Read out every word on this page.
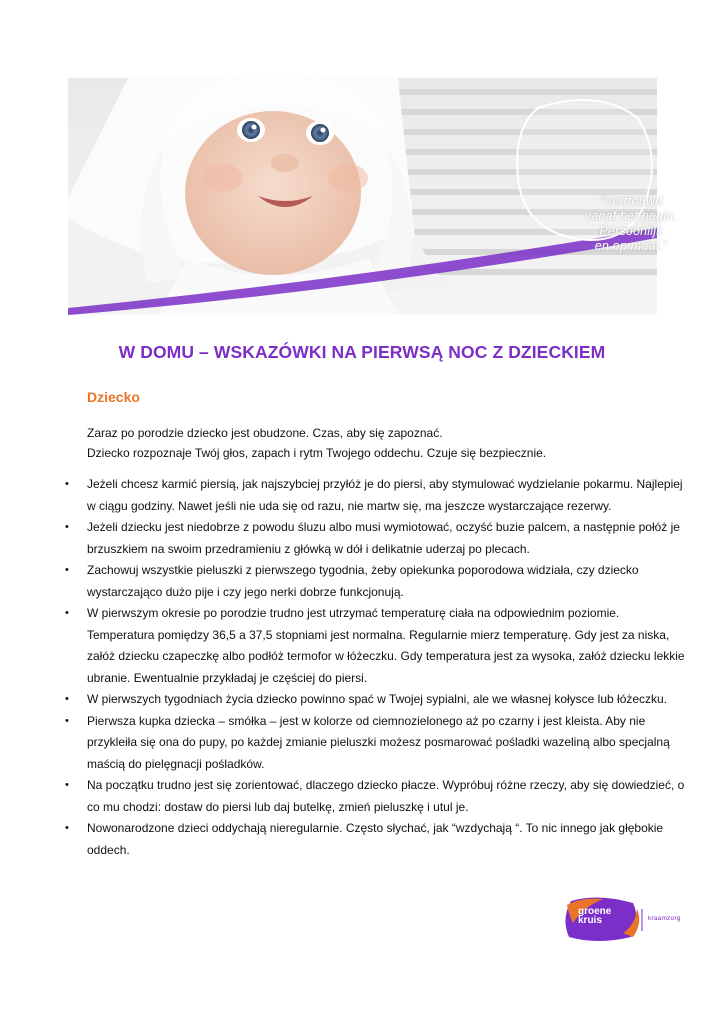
“Vertrouwd
vanaf het begin.
Persoonlijk
en op maat.”
W DOMU – WSKAZÓWKI NA PIERWSĄ NOC Z DZIECKIEM
Dziecko

Zaraz po porodzie dziecko jest obudzone. Czas, aby się zapoznać.

Dziecko rozpoznaje Twój głos, zapach i rytm Twojego oddechu. Czuje się bezpiecznie.

• Jeżeli chcesz karmić piersią, jak najszybciej przyłóż je do piersi, aby stymulować wydzielanie pokarmu. Najlepiej w ciągu godziny. Nawet jeśli nie uda się od razu, nie martw się, ma jeszcze wystarczające rezerwy.
• Jeżeli dziecku jest niedobrze z powodu śluzu albo musi wymiotować, oczyść buzie palcem, a następnie połóż je brzuszkiem na swoim przedramieniu z główką w dół i delikatnie uderzaj po plecach.
• Zachowuj wszystkie pieluszki z pierwszego tygodnia, żeby opiekunka poporodowa widziała, czy dziecko wystarczająco dużo pije i czy jego nerki dobrze funkcjonują.
• W pierwszym okresie po porodzie trudno jest utrzymać temperaturę ciała na odpowiednim poziomie. Temperatura pomiędzy 36,5 a 37,5 stopniami jest normalna. Regularnie mierz temperaturę. Gdy jest za niska, załóż dziecku czapeczkę albo podłóż termofor w łóżeczku. Gdy temperatura jest za wysoka, załóż dziecku lekkie ubranie. Ewentualnie przykładaj je częściej do piersi.
• W pierwszych tygodniach życia dziecko powinno spać w Twojej sypialni, ale we własnej kołysce lub łóżeczku.
• Pierwsza kupka dziecka – smółka – jest w kolorze od ciemnozielonego aż po czarny i jest kleista. Aby nie przykleiła się ona do pupy, po każdej zmianie pieluszki możesz posmarować pośladki wazeliną albo specjalną maścią do pielęgnacji pośladków.
• Na początku trudno jest się zorientować, dlaczego dziecko płacze. Wypróbuj różne rzeczy, aby się dowiedzieć, o co mu chodzi: dostaw do piersi lub daj butelkę, zmień pieluszkę i utul je.
• Nowonarodzone dzieci oddychają nieregularnie. Często słychać, jak “wzdychają “. To nic innego jak głębokie oddech.
groene
kruis	kraamzorg
